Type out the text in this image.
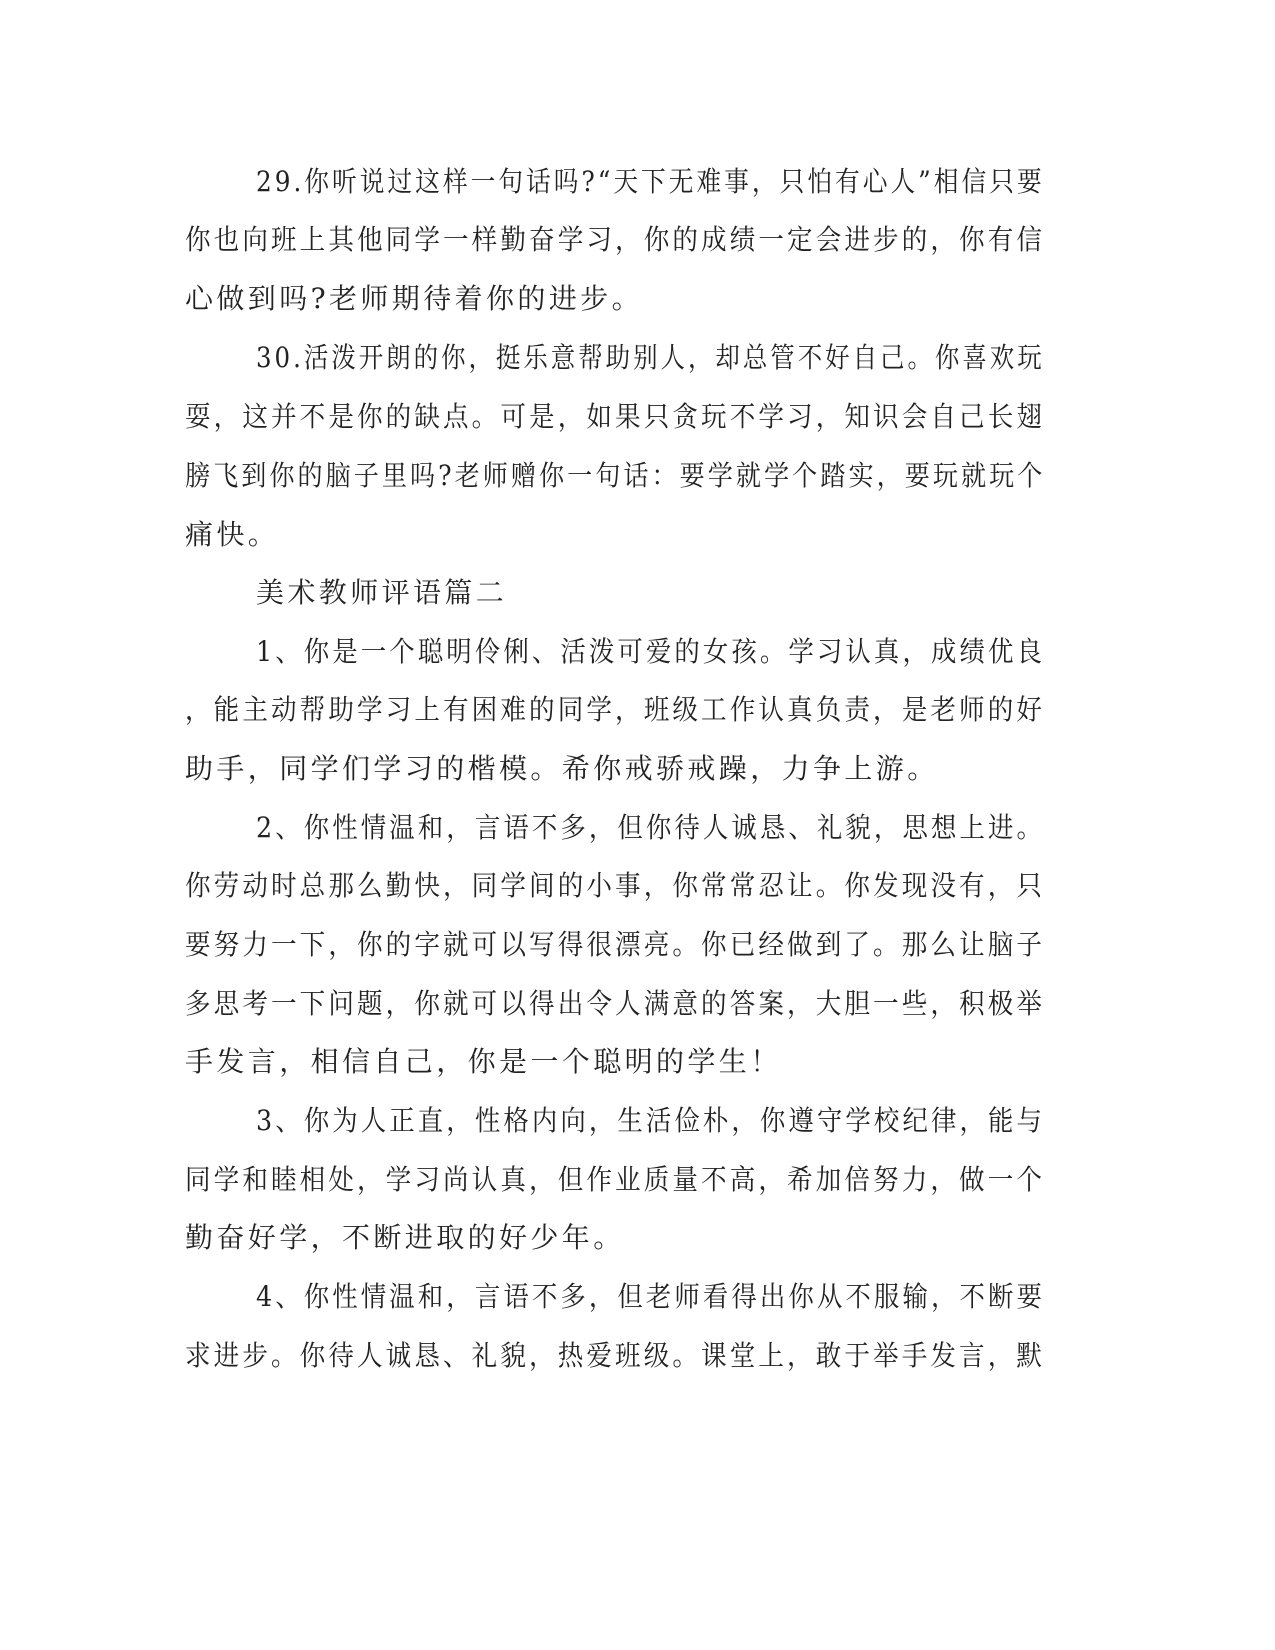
29.你听说过这样一句话吗?“天下无难事，只怕有心人”相信只要
你也向班上其他同学一样勤奋学习，你的成绩一定会进步的，你有信
心做到吗?老师期待着你的进步。
30.活泼开朗的你，挺乐意帮助别人，却总管不好自己。你喜欢玩
耍，这并不是你的缺点。可是，如果只贪玩不学习，知识会自己长翅
膀飞到你的脑子里吗?老师赠你一句话：要学就学个踏实，要玩就玩个
痛快。
美术教师评语篇二
1、你是一个聪明伶俐、活泼可爱的女孩。学习认真，成绩优良
，能主动帮助学习上有困难的同学，班级工作认真负责，是老师的好
助手，同学们学习的楷模。希你戒骄戒躁，力争上游。
2、你性情温和，言语不多，但你待人诚恳、礼貌，思想上进。
你劳动时总那么勤快，同学间的小事，你常常忍让。你发现没有，只
要努力一下，你的字就可以写得很漂亮。你已经做到了。那么让脑子
多思考一下问题，你就可以得出令人满意的答案，大胆一些，积极举
手发言，相信自己，你是一个聪明的学生！
3、你为人正直，性格内向，生活俭朴，你遵守学校纪律，能与
同学和睦相处，学习尚认真，但作业质量不高，希加倍努力，做一个
勤奋好学，不断进取的好少年。
4、你性情温和，言语不多，但老师看得出你从不服输，不断要
求进步。你待人诚恳、礼貌，热爱班级。课堂上，敢于举手发言，默
